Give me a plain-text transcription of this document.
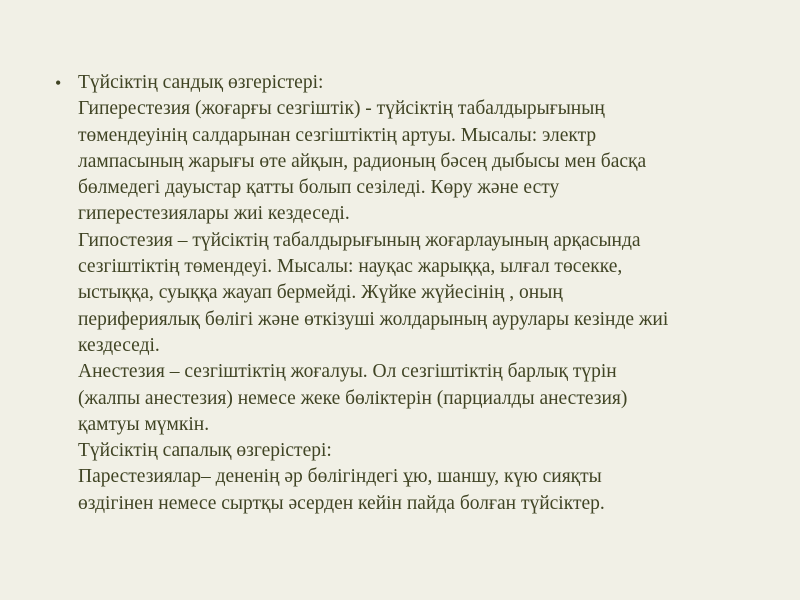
• Түйсіктің сандық өзгерістері:
Гиперестезия (жоғарғы сезгіштік) - түйсіктің табалдырығының
төмендеуінің салдарынан сезгіштіктің артуы. Мысалы: электр
лампасының жарығы өте айқын, радионың бәсең дыбысы мен басқа
бөлмедегі дауыстар қатты болып сезіледі. Көру және есту
гиперестезиялары жиі кездеседі.
Гипостезия – түйсіктің табалдырығының жоғарлауының арқасында
сезгіштіктің төмендеуі. Мысалы: науқас жарыққа, ылғал төсекке,
ыстыққа, суыққа жауап бермейді. Жүйке жүйесінің , оның
перифериялық бөлігі және өткізуші жолдарының аурулары кезінде жиі
кездеседі.
Анестезия – сезгіштіктің жоғалуы. Ол сезгіштіктің барлық түрін
(жалпы анестезия) немесе жеке бөліктерін (парциалды анестезия)
қамтуы мүмкін.
Түйсіктің сапалық өзгерістері:
Парестезиялар– дененің әр бөлігіндегі ұю, шаншу, күю сияқты
өздігінен немесе сыртқы әсерден кейін пайда болған түйсіктер.
